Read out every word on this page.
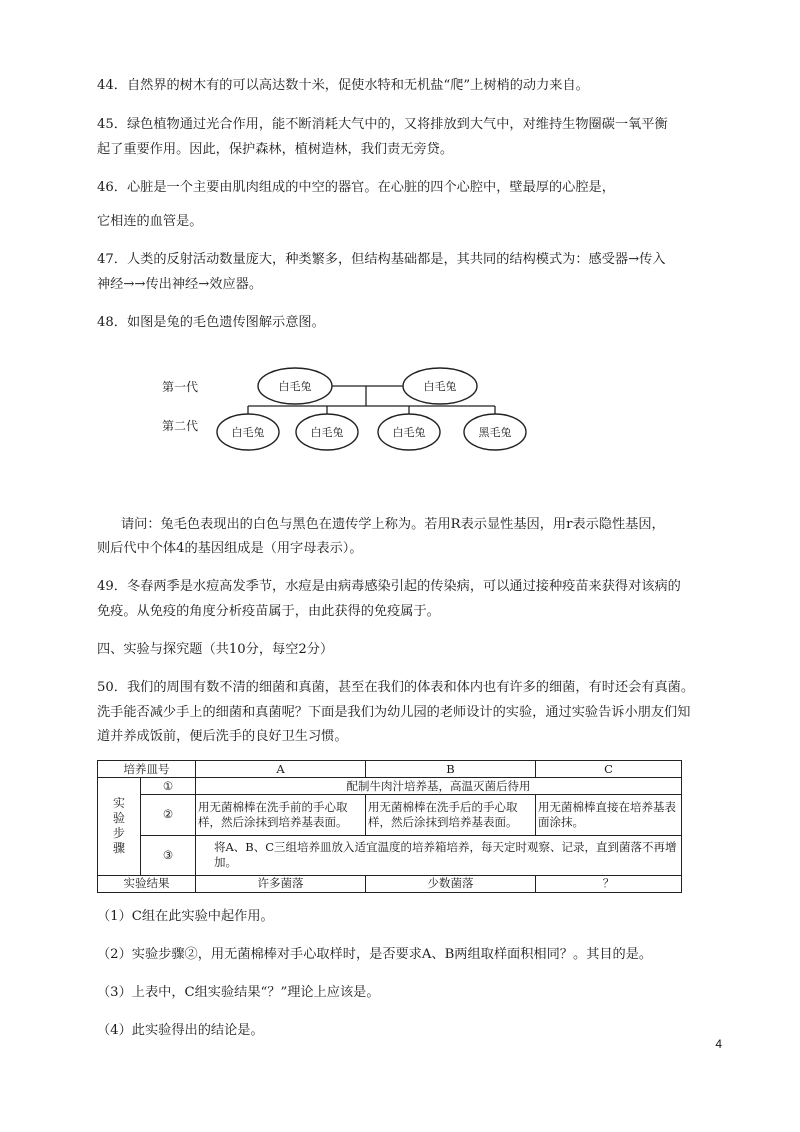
44．自然界的树木有的可以高达数十米，促使水特和无机盐“爬”上树梢的动力来自。
45．绿色植物通过光合作用，能不断消耗大气中的，又将排放到大气中，对维持生物圈碳一氧平衡
起了重要作用。因此，保护森林，植树造林，我们责无旁贷。
46．心脏是一个主要由肌肉组成的中空的器官。在心脏的四个心腔中，壁最厚的心腔是，
它相连的血管是。
47．人类的反射活动数量庞大，种类繁多，但结构基础都是，其共同的结构模式为：感受器→传入
神经→→传出神经→效应器。
48．如图是兔的毛色遗传图解示意图。
第一代
第二代
白毛兔	白毛兔
白毛兔	白毛兔	白毛兔	黑毛兔
请问：兔毛色表现出的白色与黑色在遗传学上称为。若用R表示显性基因，用r表示隐性基因，
则后代中个体4的基因组成是（用字母表示）。
49．冬春两季是水痘高发季节，水痘是由病毒感染引起的传染病，可以通过接种疫苗来获得对该病的
免疫。从免疫的角度分析疫苗属于，由此获得的免疫属于。
四、实验与探究题（共10分，每空2分）
50．我们的周围有数不清的细菌和真菌，甚至在我们的体表和体内也有许多的细菌，有时还会有真菌。
洗手能否减少手上的细菌和真菌呢？下面是我们为幼儿园的老师设计的实验，通过实验告诉小朋友们知
道并养成饭前，便后洗手的良好卫生习惯。
培养皿号		A	B	C

实验步骤	①	配制牛肉汁培养基，高温灭菌后待用		
	②	用无菌棉棒在洗手前的手心取样，然后涂抹到培养基表面。	用无菌棉棒在洗手后的手心取样，然后涂抹到培养基表面。	用无菌棉棒直接在培养基表面涂抹。
	③	将A、B、C三组培养皿放入适宜温度的培养箱培养，每天定时观察、记录，直到菌落不再增加。		
实验结果		许多菌落	少数菌落	？
（1）C组在此实验中起作用。
（2）实验步骤②，用无菌棉棒对手心取样时，是否要求A、B两组取样面积相同？。其目的是。
（3）上表中，C组实验结果“？”理论上应该是。
（4）此实验得出的结论是。
4
